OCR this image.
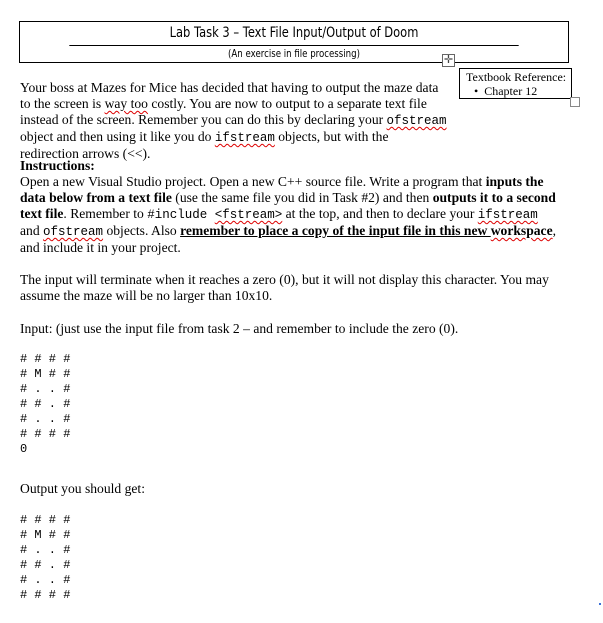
Lab Task 3 – Text File Input/Output of Doom
(An exercise in file processing)	✛
Textbook Reference:
• Chapter 12

Your boss at Mazes for Mice has decided that having to output the maze data to the screen is way too costly. You are now to output to a separate text file instead of the screen. Remember you can do this by declaring your ofstream object and then using it like you do ifstream objects, but with the redirection arrows (<<).

Instructions:
Open a new Visual Studio project. Open a new C++ source file. Write a program that inputs the data below from a text file (use the same file you did in Task #2) and then outputs it to a second text file. Remember to #include <fstream> at the top, and then to declare your ifstream and ofstream objects. Also remember to place a copy of the input file in this new workspace, and include it in your project.

The input will terminate when it reaches a zero (0), but it will not display this character. You may assume the maze will be no larger than 10x10.

Input: (just use the input file from task 2 – and remember to include the zero (0).

# # # #
# M # #
# . . #
# # . #
# . . #
# # # #
0

Output you should get:

# # # #
# M # #
# . . #
# # . #
# . . #
# # # #
